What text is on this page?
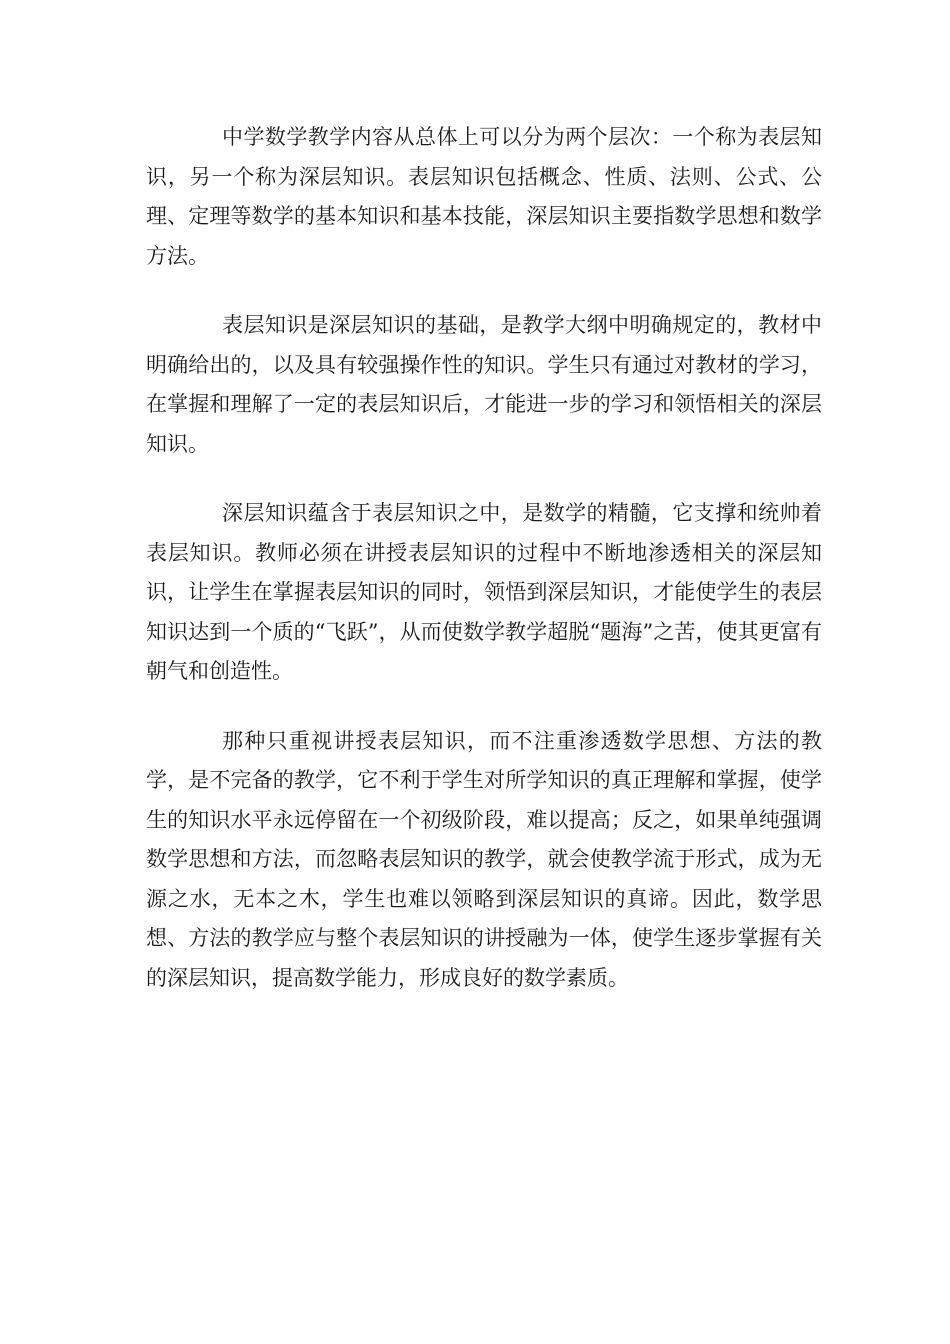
中学数学教学内容从总体上可以分为两个层次：一个称为表层知识，另一个称为深层知识。表层知识包括概念、性质、法则、公式、公理、定理等数学的基本知识和基本技能，深层知识主要指数学思想和数学方法。

表层知识是深层知识的基础，是教学大纲中明确规定的，教材中明确给出的，以及具有较强操作性的知识。学生只有通过对教材的学习，在掌握和理解了一定的表层知识后，才能进一步的学习和领悟相关的深层知识。

深层知识蕴含于表层知识之中，是数学的精髓，它支撑和统帅着表层知识。教师必须在讲授表层知识的过程中不断地渗透相关的深层知识，让学生在掌握表层知识的同时，领悟到深层知识，才能使学生的表层知识达到一个质的“飞跃”，从而使数学教学超脱“题海”之苦，使其更富有朝气和创造性。

那种只重视讲授表层知识，而不注重渗透数学思想、方法的教学，是不完备的教学，它不利于学生对所学知识的真正理解和掌握，使学生的知识水平永远停留在一个初级阶段，难以提高；反之，如果单纯强调数学思想和方法，而忽略表层知识的教学，就会使教学流于形式，成为无源之水，无本之木，学生也难以领略到深层知识的真谛。因此，数学思想、方法的教学应与整个表层知识的讲授融为一体，使学生逐步掌握有关的深层知识，提高数学能力，形成良好的数学素质。
